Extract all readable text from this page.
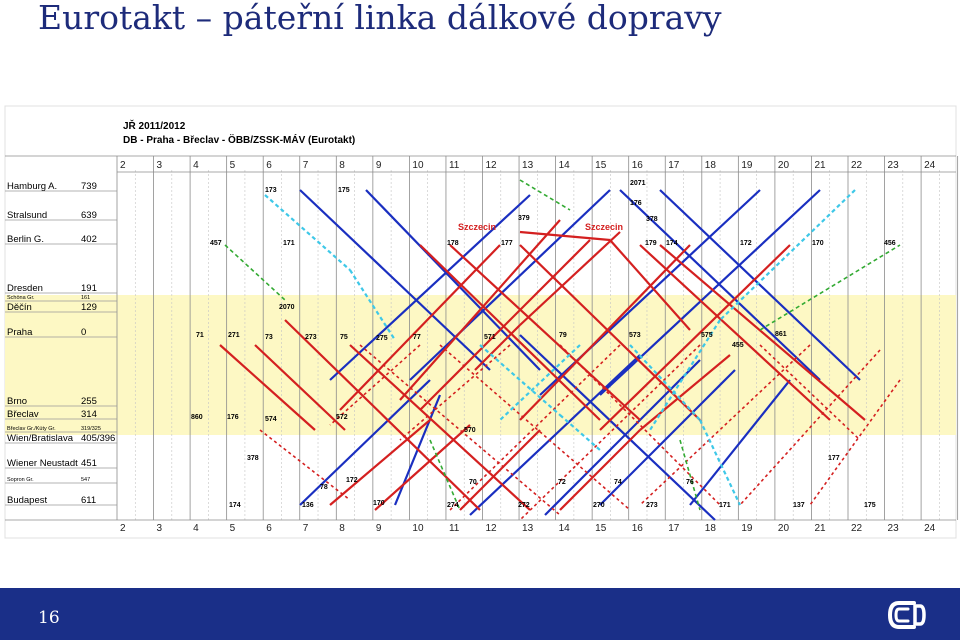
Eurotakt – páteřní linka dálkové dopravy
JŘ 2011/2012
DB - Praha - Břeclav - ÖBB/ZSSK-MÁV (Eurotakt)
2	3	4	5	6	7	8	9	10	11	12	13	14	15	16	17	18	19	20	21	22	23	24
2	3	4	5	6	7	8	9	10	11	12	13	14	15	16	17	18	19	20	21	22	23	24
Hamburg A.	739
Stralsund	639
Berlin G.	402
Dresden	191
Schöna Gr.	161
Děčín	129
Praha	0
Brno	255
Břeclav	314
Břeclav Gr./Kúty Gr.	319/325
Wien/Bratislava 405/396
Wiener Neustadt 451
Sopron Gr.	547
Budapest	611
Szczecin	Szczecin
173	175
2071
176
379	378
457	171	178	177	179 174	172	170	456
2070
71	271	73	273	75	275	77	571	79	573	575	861
455
860	176	574	572
570
378	177
78
172	70	72	74	76
174	136	170	274	272	270	273	171	137	175
16
